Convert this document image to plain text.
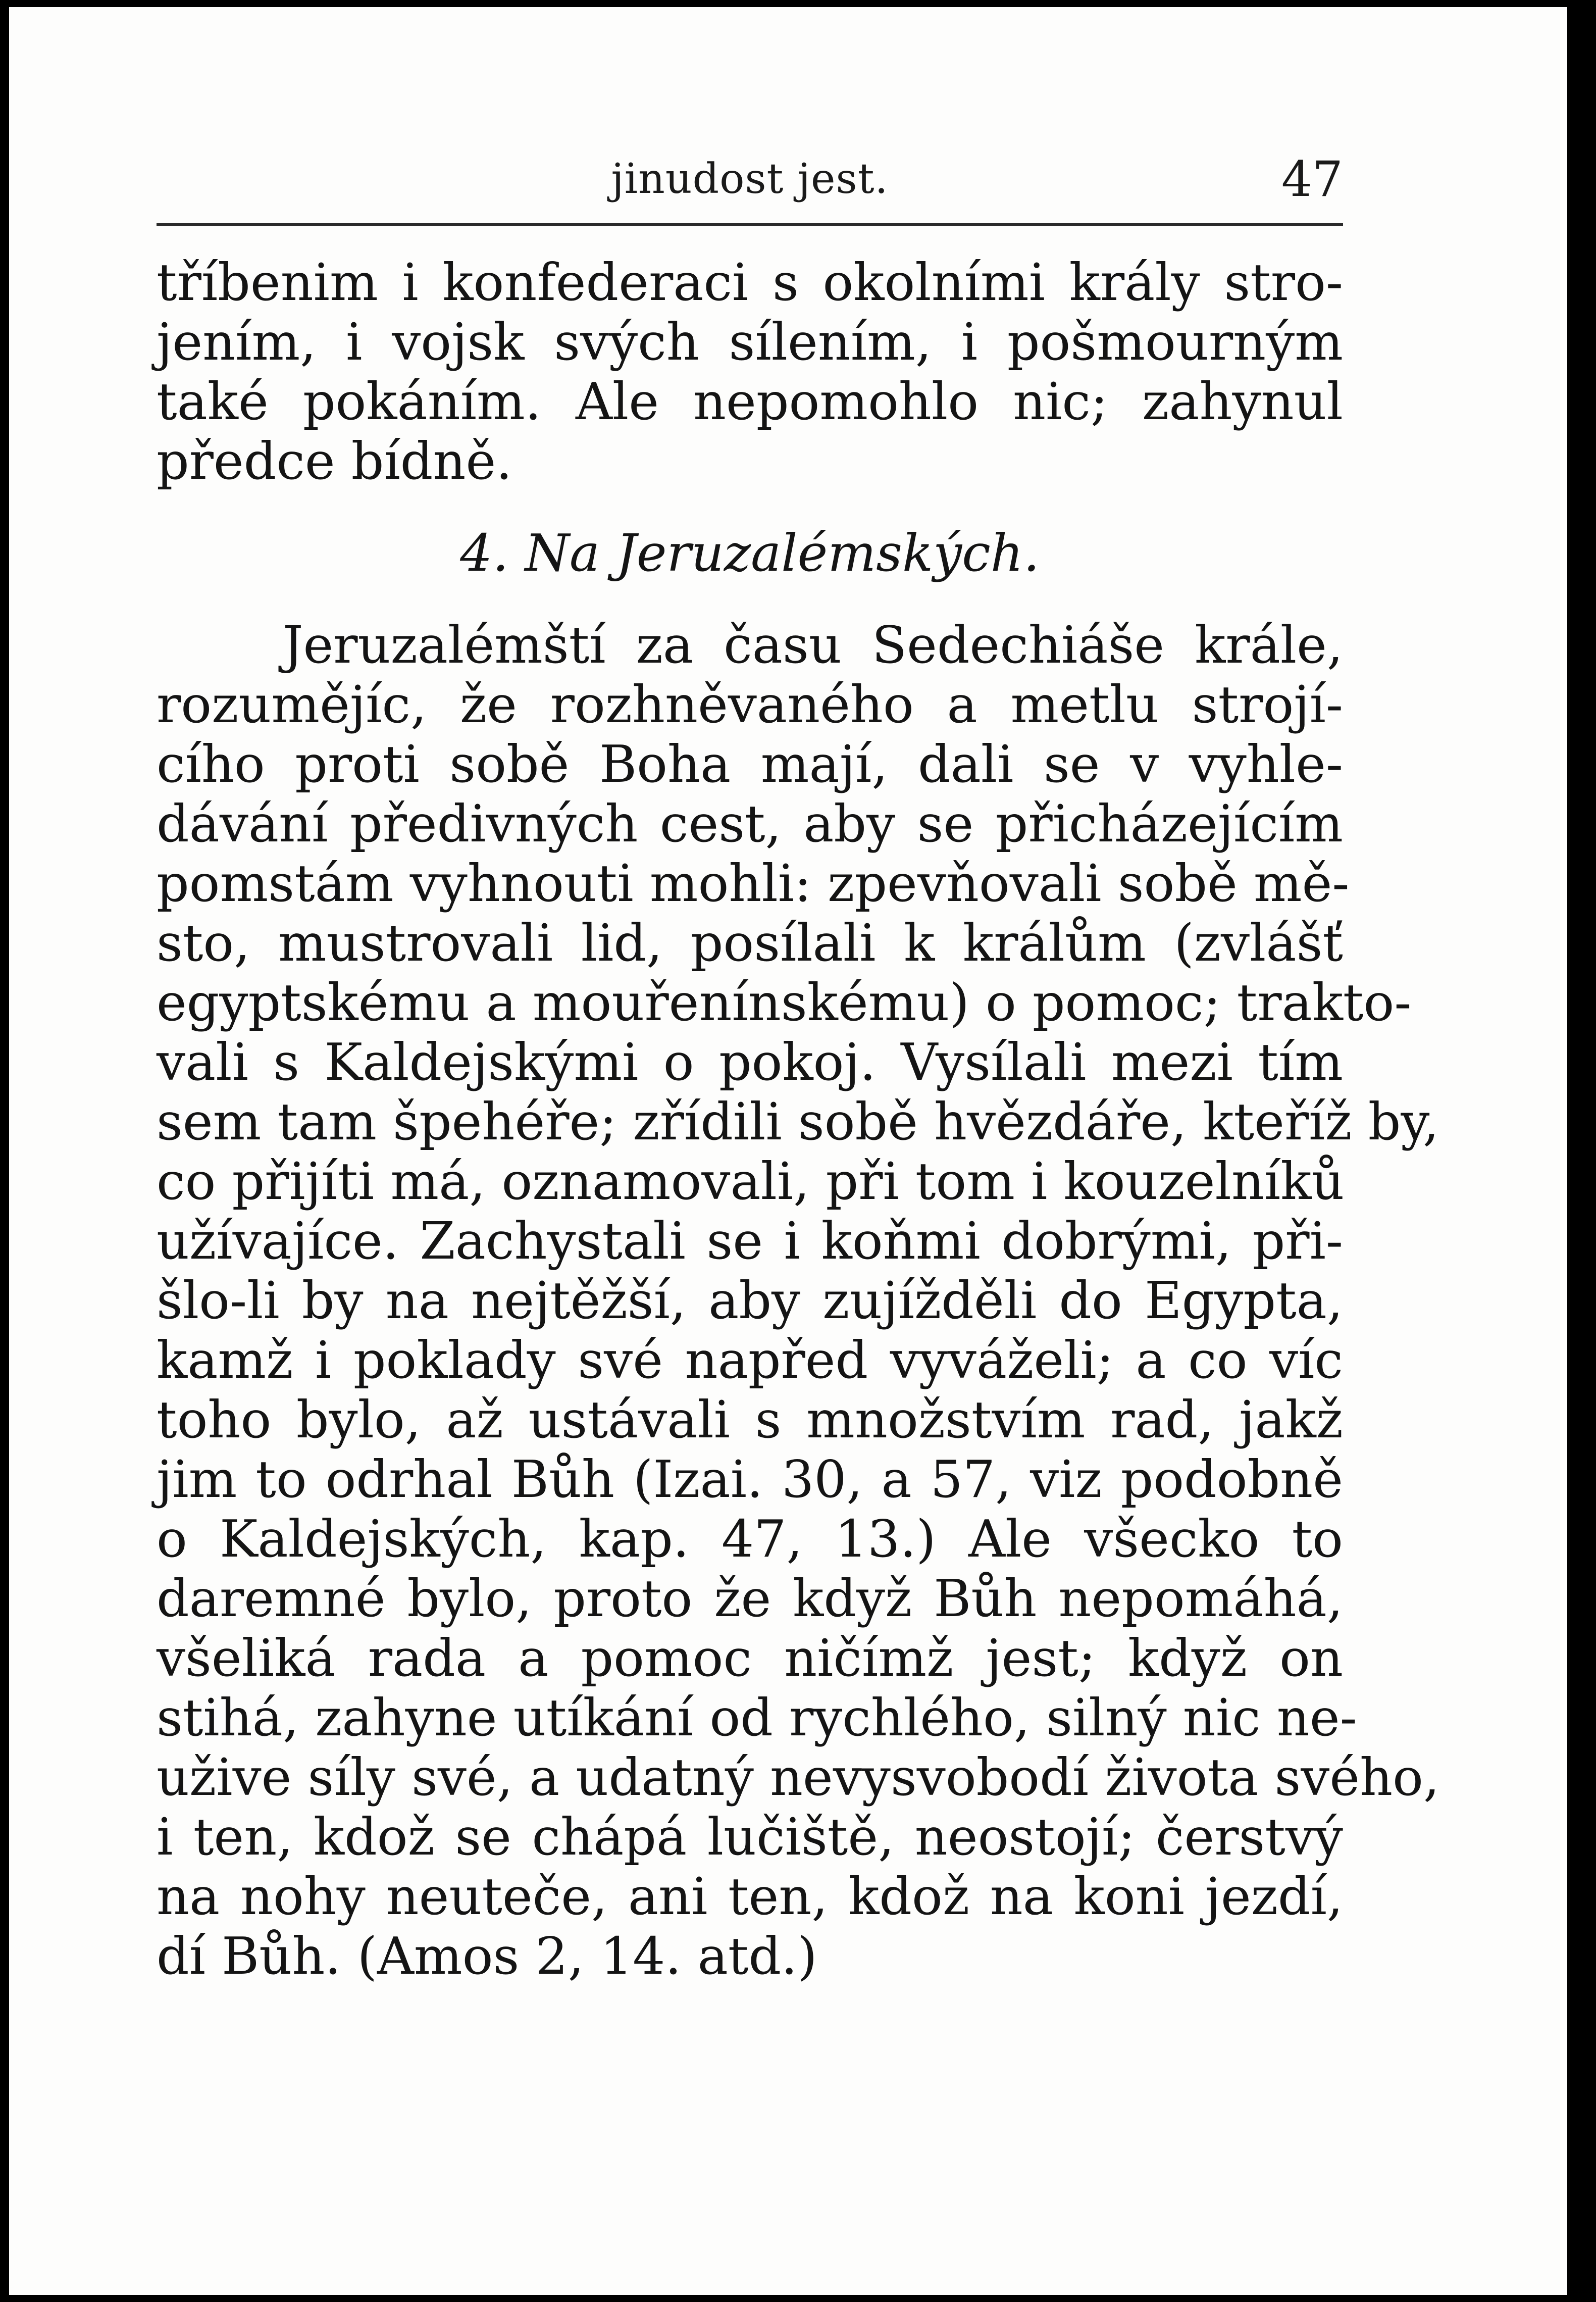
jinudost jest.	47
tříbenim i konfederaci s okolními krály stro-
jením, i vojsk svých sílením, i pošmourným
také pokáním. Ale nepomohlo nic; zahynul
předce bídně.
4. Na Jeruzalémských.
Jeruzalémští za času Sedechiáše krále,
rozumějíc, že rozhněvaného a metlu strojí-
cího proti sobě Boha mají, dali se v vyhle-
dávání předivných cest, aby se přicházejícím
pomstám vyhnouti mohli: zpevňovali sobě mě-
sto, mustrovali lid, posílali k králům (zvlášť
egyptskému a mouřenínskému) o pomoc; trakto-
vali s Kaldejskými o pokoj. Vysílali mezi tím
sem tam špehéře; zřídili sobě hvězdáře, kteříž by,
co přijíti má, oznamovali, při tom i kouzelníků
užívajíce. Zachystali se i koňmi dobrými, při-
šlo-li by na nejtěžší, aby zujížděli do Egypta,
kamž i poklady své napřed vyváželi; a co víc
toho bylo, až ustávali s množstvím rad, jakž
jim to odrhal Bůh (Izai. 30, a 57, viz podobně
o Kaldejských, kap. 47, 13.) Ale všecko to
daremné bylo, proto že když Bůh nepomáhá,
všeliká rada a pomoc ničímž jest; když on
stihá, zahyne utíkání od rychlého, silný nic ne-
užive síly své, a udatný nevysvobodí života svého,
i ten, kdož se chápá lučiště, neostojí; čerstvý
na nohy neuteče, ani ten, kdož na koni jezdí,
dí Bůh. (Amos 2, 14. atd.)
